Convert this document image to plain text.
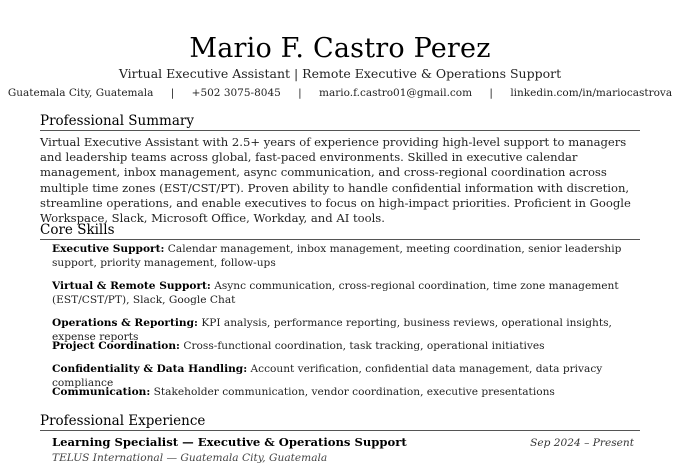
Mario F. Castro Perez
Virtual Executive Assistant | Remote Executive & Operations Support
Guatemala City, Guatemala | +502 3075-8045 | mario.f.castro01@gmail.com | linkedin.com/in/mariocastrova
Professional Summary
Virtual Executive Assistant with 2.5+ years of experience providing high-level support to managers and leadership teams across global, fast-paced environments. Skilled in executive calendar management, inbox management, async communication, and cross-regional coordination across multiple time zones (EST/CST/PT). Proven ability to handle confidential information with discretion, streamline operations, and enable executives to focus on high-impact priorities. Proficient in Google Workspace, Slack, Microsoft Office, Workday, and AI tools.
Core Skills
Executive Support: Calendar management, inbox management, meeting coordination, senior leadership support, priority management, follow-ups
Virtual & Remote Support: Async communication, cross-regional coordination, time zone management (EST/CST/PT), Slack, Google Chat
Operations & Reporting: KPI analysis, performance reporting, business reviews, operational insights, expense reports
Project Coordination: Cross-functional coordination, task tracking, operational initiatives
Confidentiality & Data Handling: Account verification, confidential data management, data privacy compliance
Communication: Stakeholder communication, vendor coordination, executive presentations
Professional Experience
Learning Specialist — Executive & Operations Support	Sep 2024 – Present
TELUS International — Guatemala City, Guatemala
